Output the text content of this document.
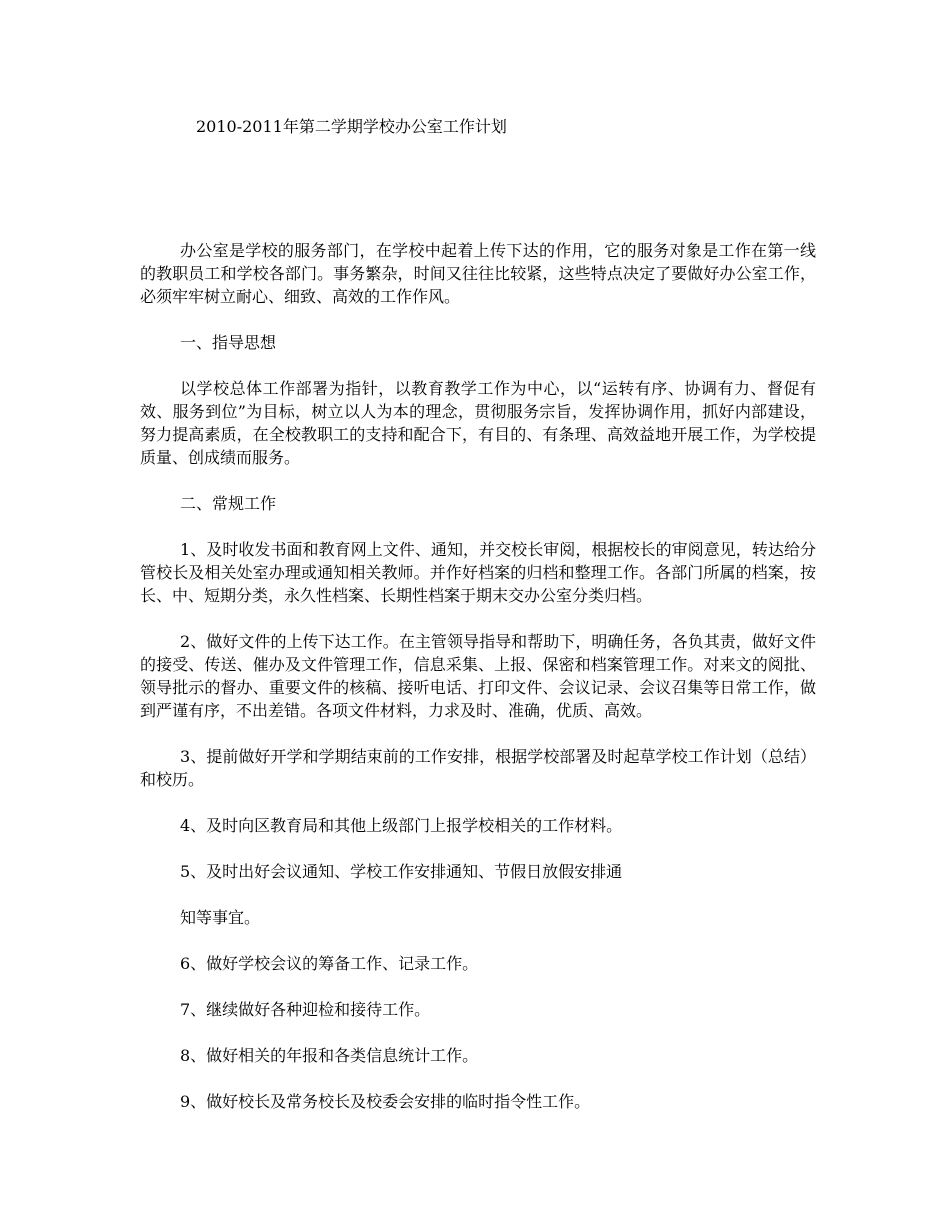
2010-2011年第二学期学校办公室工作计划

办公室是学校的服务部门，在学校中起着上传下达的作用，它的服务对象是工作在第一线的教职员工和学校各部门。事务繁杂，时间又往往比较紧，这些特点决定了要做好办公室工作，必须牢牢树立耐心、细致、高效的工作作风。

一、指导思想

以学校总体工作部署为指针，以教育教学工作为中心，以“运转有序、协调有力、督促有效、服务到位”为目标，树立以人为本的理念，贯彻服务宗旨，发挥协调作用，抓好内部建设，努力提高素质，在全校教职工的支持和配合下，有目的、有条理、高效益地开展工作，为学校提质量、创成绩而服务。

二、常规工作

1、及时收发书面和教育网上文件、通知，并交校长审阅，根据校长的审阅意见，转达给分管校长及相关处室办理或通知相关教师。并作好档案的归档和整理工作。各部门所属的档案，按长、中、短期分类，永久性档案、长期性档案于期末交办公室分类归档。

2、做好文件的上传下达工作。在主管领导指导和帮助下，明确任务，各负其责，做好文件的接受、传送、催办及文件管理工作，信息采集、上报、保密和档案管理工作。对来文的阅批、领导批示的督办、重要文件的核稿、接听电话、打印文件、会议记录、会议召集等日常工作，做到严谨有序，不出差错。各项文件材料，力求及时、准确，优质、高效。

3、提前做好开学和学期结束前的工作安排，根据学校部署及时起草学校工作计划（总结）和校历。

4、及时向区教育局和其他上级部门上报学校相关的工作材料。

5、及时出好会议通知、学校工作安排通知、节假日放假安排通

知等事宜。

6、做好学校会议的筹备工作、记录工作。

7、继续做好各种迎检和接待工作。

8、做好相关的年报和各类信息统计工作。

9、做好校长及常务校长及校委会安排的临时指令性工作。
